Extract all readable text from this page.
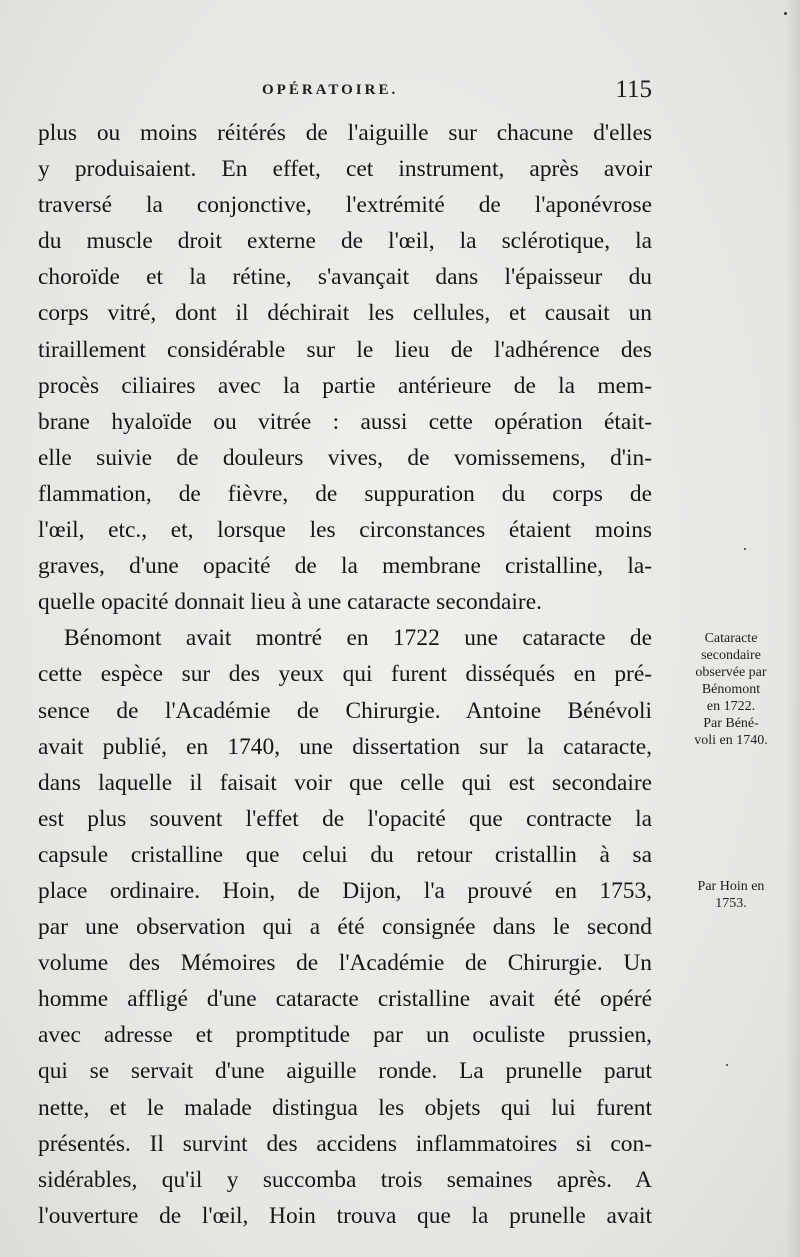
OPÉRATOIRE.	115
plus ou moins réitérés de l'aiguille sur chacune d'elles
y produisaient. En effet, cet instrument, après avoir
traversé la conjonctive, l'extrémité de l'aponévrose
du muscle droit externe de l'œil, la sclérotique, la
choroïde et la rétine, s'avançait dans l'épaisseur du
corps vitré, dont il déchirait les cellules, et causait un
tiraillement considérable sur le lieu de l'adhérence des
procès ciliaires avec la partie antérieure de la mem-
brane hyaloïde ou vitrée : aussi cette opération était-
elle suivie de douleurs vives, de vomissemens, d'in-
flammation, de fièvre, de suppuration du corps de
l'œil, etc., et, lorsque les circonstances étaient moins
graves, d'une opacité de la membrane cristalline, la-
quelle opacité donnait lieu à une cataracte secondaire.
Bénomont avait montré en 1722 une cataracte de
cette espèce sur des yeux qui furent disséqués en pré-
sence de l'Académie de Chirurgie. Antoine Bénévoli
avait publié, en 1740, une dissertation sur la cataracte,
dans laquelle il faisait voir que celle qui est secondaire
est plus souvent l'effet de l'opacité que contracte la
capsule cristalline que celui du retour cristallin à sa
place ordinaire. Hoin, de Dijon, l'a prouvé en 1753,
par une observation qui a été consignée dans le second
volume des Mémoires de l'Académie de Chirurgie. Un
homme affligé d'une cataracte cristalline avait été opéré
avec adresse et promptitude par un oculiste prussien,
qui se servait d'une aiguille ronde. La prunelle parut
nette, et le malade distingua les objets qui lui furent
présentés. Il survint des accidens inflammatoires si con-
sidérables, qu'il y succomba trois semaines après. A
l'ouverture de l'œil, Hoin trouva que la prunelle avait
Cataracte
secondaire
observée par
Bénomont
en 1722.
Par Béné-
voli en 1740.
Par Hoin en
1753.
